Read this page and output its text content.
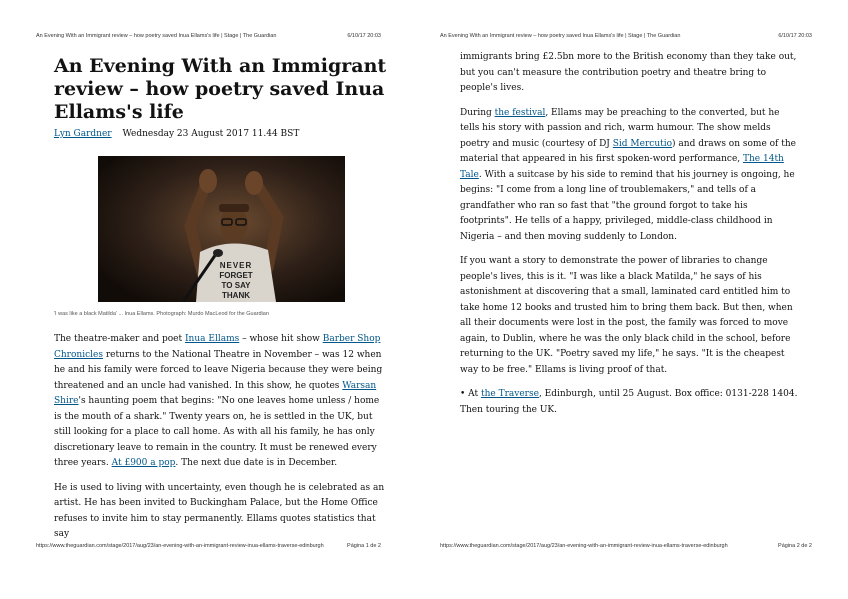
An Evening With an Immigrant review – how poetry saved Inua Ellams's life | Stage | The Guardian	6/10/17 20:03
An Evening With an Immigrant review – how poetry saved Inua Ellams's life
Lyn Gardner Wednesday 23 August 2017 11.44 BST
NEVER
FORGET
TO SAY
THANK
'I was like a black Matilda' ... Inua Ellams. Photograph: Murdo MacLeod for the Guardian

The theatre-maker and poet Inua Ellams – whose hit show Barber Shop Chronicles returns to the National Theatre in November – was 12 when he and his family were forced to leave Nigeria because they were being threatened and an uncle had vanished. In this show, he quotes Warsan Shire's haunting poem that begins: "No one leaves home unless / home is the mouth of a shark." Twenty years on, he is settled in the UK, but still looking for a place to call home. As with all his family, he has only discretionary leave to remain in the country. It must be renewed every three years. At £900 a pop. The next due date is in December.

He is used to living with uncertainty, even though he is celebrated as an artist. He has been invited to Buckingham Palace, but the Home Office refuses to invite him to stay permanently. Ellams quotes statistics that say

https://www.theguardian.com/stage/2017/aug/23/an-evening-with-an-immigrant-review-inua-ellams-traverse-edinburgh	Página 1 de 2
An Evening With an Immigrant review – how poetry saved Inua Ellams's life | Stage | The Guardian	6/10/17 20:03

immigrants bring £2.5bn more to the British economy than they take out, but you can't measure the contribution poetry and theatre bring to people's lives.

During the festival, Ellams may be preaching to the converted, but he tells his story with passion and rich, warm humour. The show melds poetry and music (courtesy of DJ Sid Mercutio) and draws on some of the material that appeared in his first spoken-word performance, The 14th Tale. With a suitcase by his side to remind that his journey is ongoing, he begins: "I come from a long line of troublemakers," and tells of a grandfather who ran so fast that "the ground forgot to take his footprints". He tells of a happy, privileged, middle-class childhood in Nigeria – and then moving suddenly to London.

If you want a story to demonstrate the power of libraries to change people's lives, this is it. "I was like a black Matilda," he says of his astonishment at discovering that a small, laminated card entitled him to take home 12 books and trusted him to bring them back. But then, when all their documents were lost in the post, the family was forced to move again, to Dublin, where he was the only black child in the school, before returning to the UK. "Poetry saved my life," he says. "It is the cheapest way to be free." Ellams is living proof of that.

• At the Traverse, Edinburgh, until 25 August. Box office: 0131-228 1404. Then touring the UK.

https://www.theguardian.com/stage/2017/aug/23/an-evening-with-an-immigrant-review-inua-ellams-traverse-edinburgh	Página 2 de 2
